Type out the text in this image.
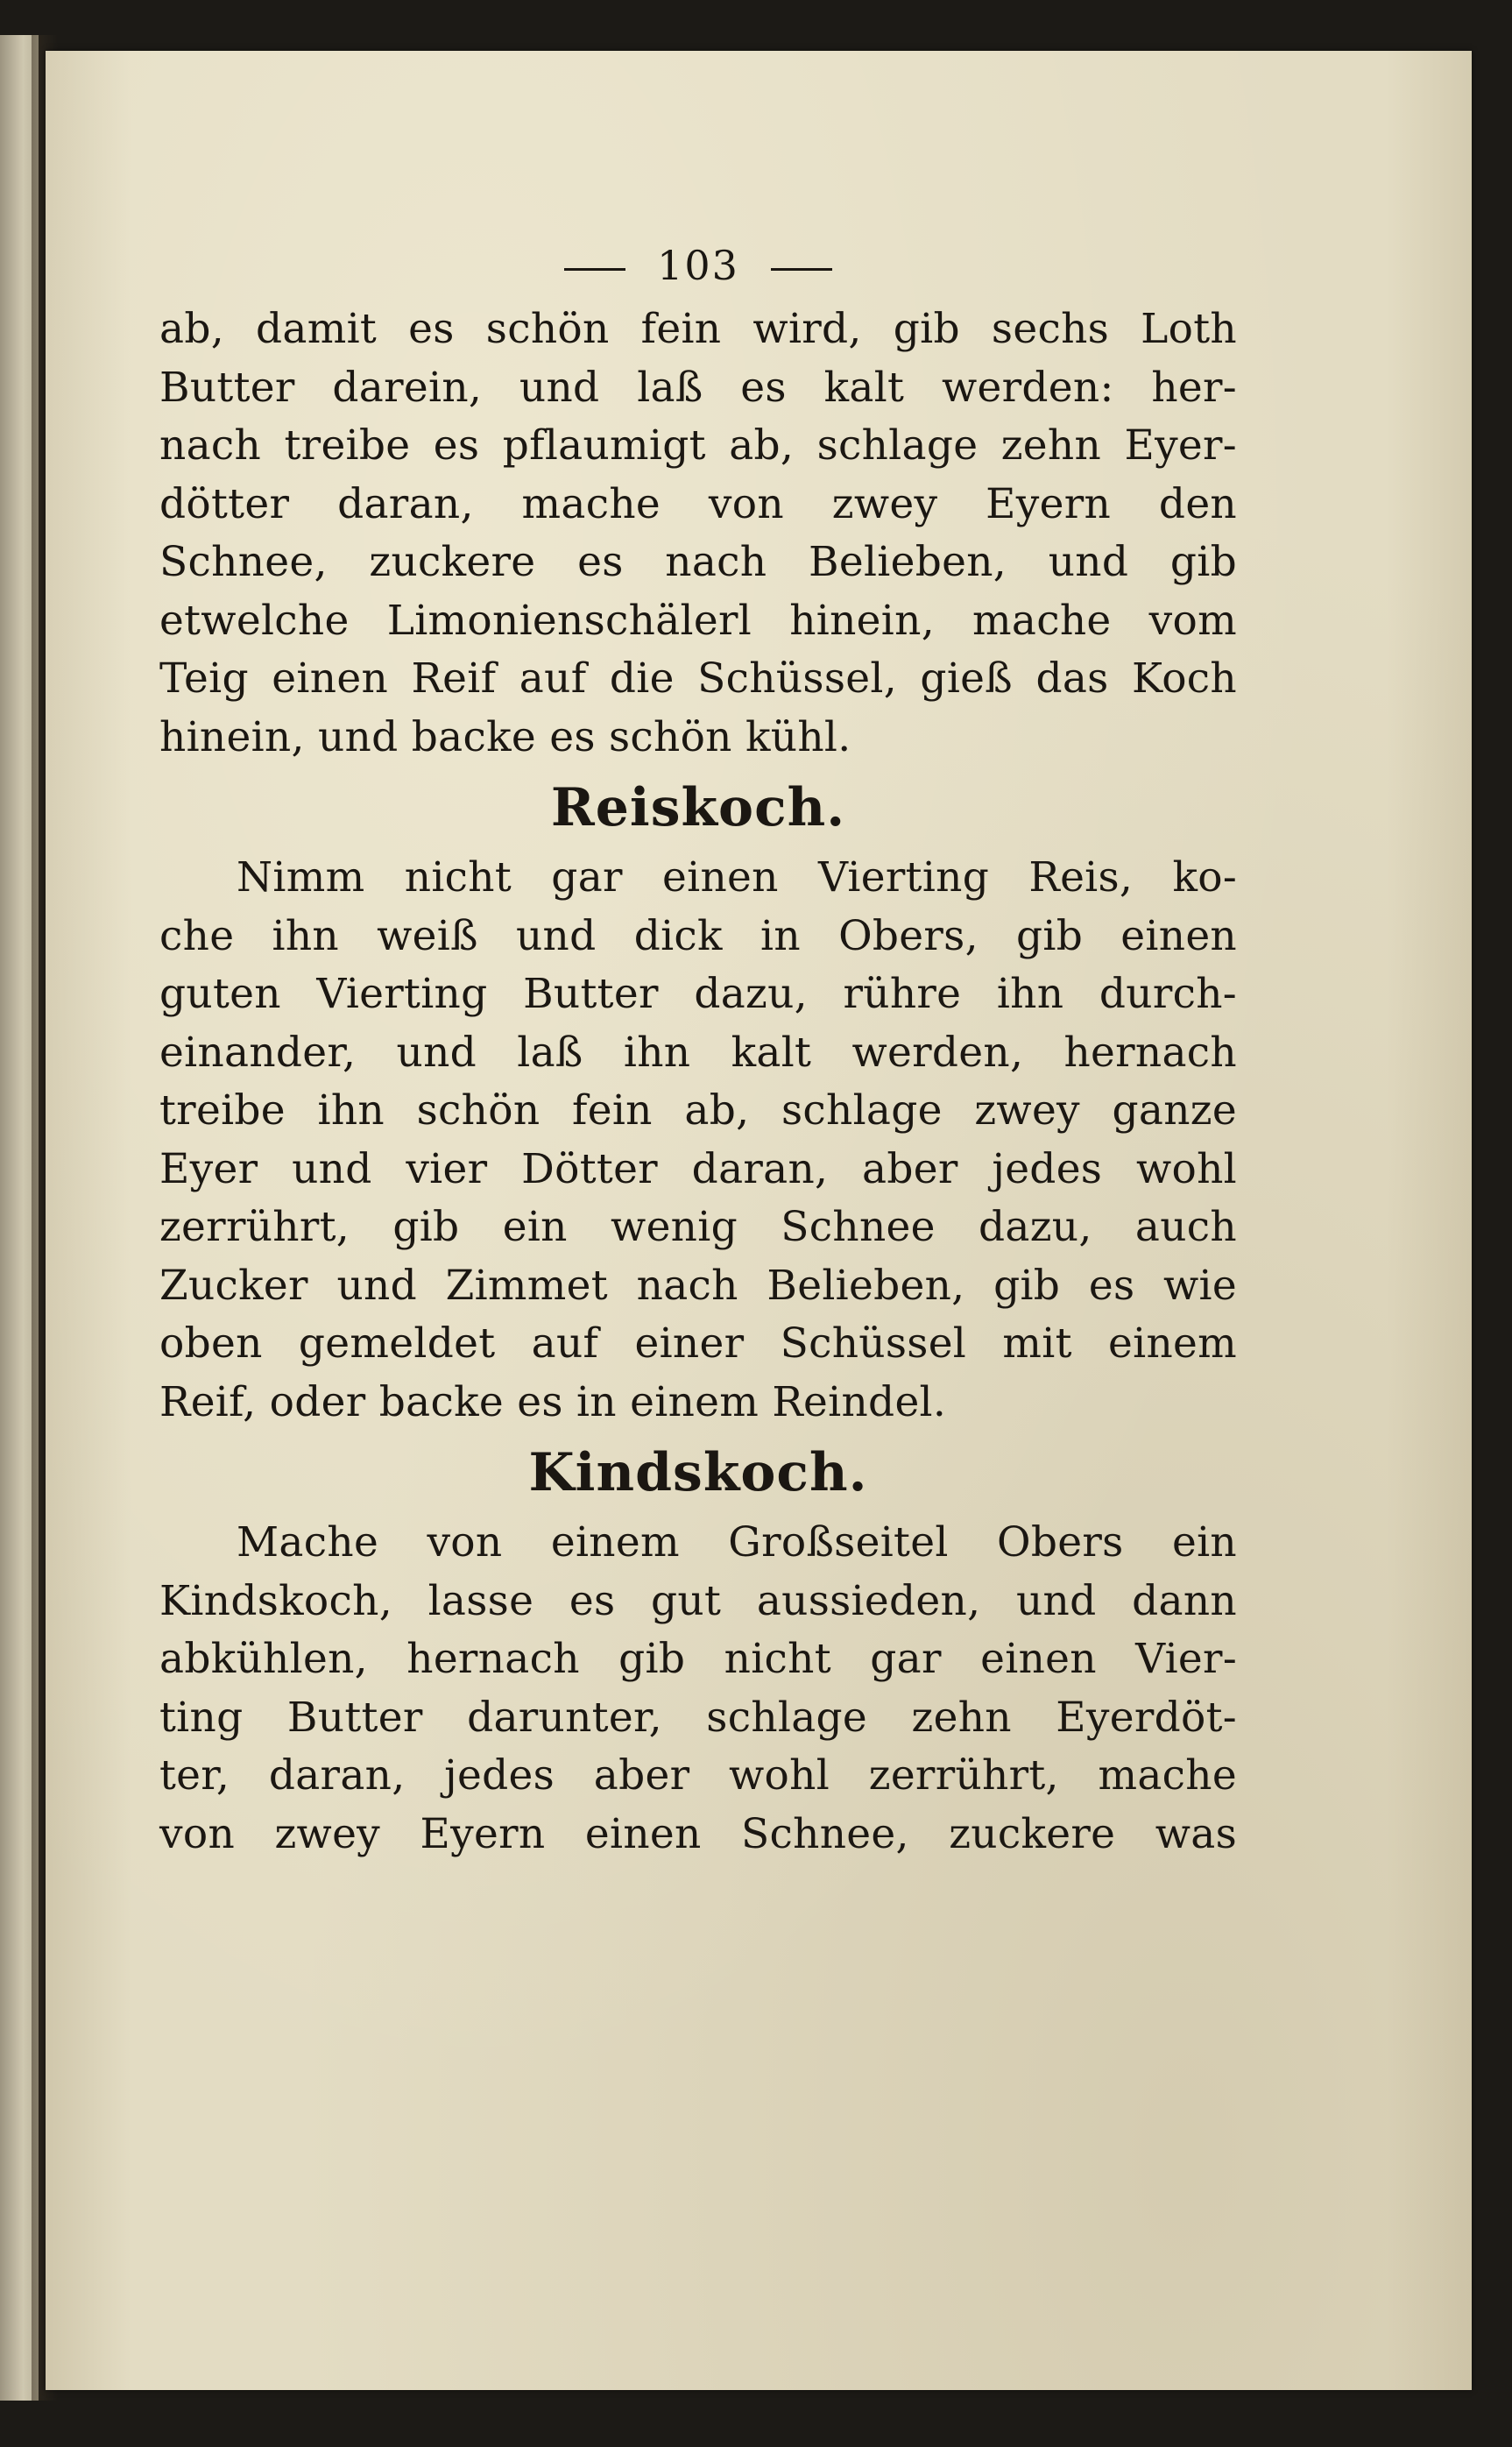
103
ab, damit es schön fein wird, gib sechs Loth
Butter darein, und laß es kalt werden: her-
nach treibe es pflaumigt ab, schlage zehn Eyer-
dötter daran, mache von zwey Eyern den
Schnee, zuckere es nach Belieben, und gib
etwelche Limonienschälerl hinein, mache vom
Teig einen Reif auf die Schüssel, gieß das Koch
hinein, und backe es schön kühl.
Reiskoch.
Nimm nicht gar einen Vierting Reis, ko-
che ihn weiß und dick in Obers, gib einen
guten Vierting Butter dazu, rühre ihn durch-
einander, und laß ihn kalt werden, hernach
treibe ihn schön fein ab, schlage zwey ganze
Eyer und vier Dötter daran, aber jedes wohl
zerrührt, gib ein wenig Schnee dazu, auch
Zucker und Zimmet nach Belieben, gib es wie
oben gemeldet auf einer Schüssel mit einem
Reif, oder backe es in einem Reindel.
Kindskoch.
Mache von einem Großseitel Obers ein
Kindskoch, lasse es gut aussieden, und dann
abkühlen, hernach gib nicht gar einen Vier-
ting Butter darunter, schlage zehn Eyerdöt-
ter, daran, jedes aber wohl zerrührt, mache
von zwey Eyern einen Schnee, zuckere was
